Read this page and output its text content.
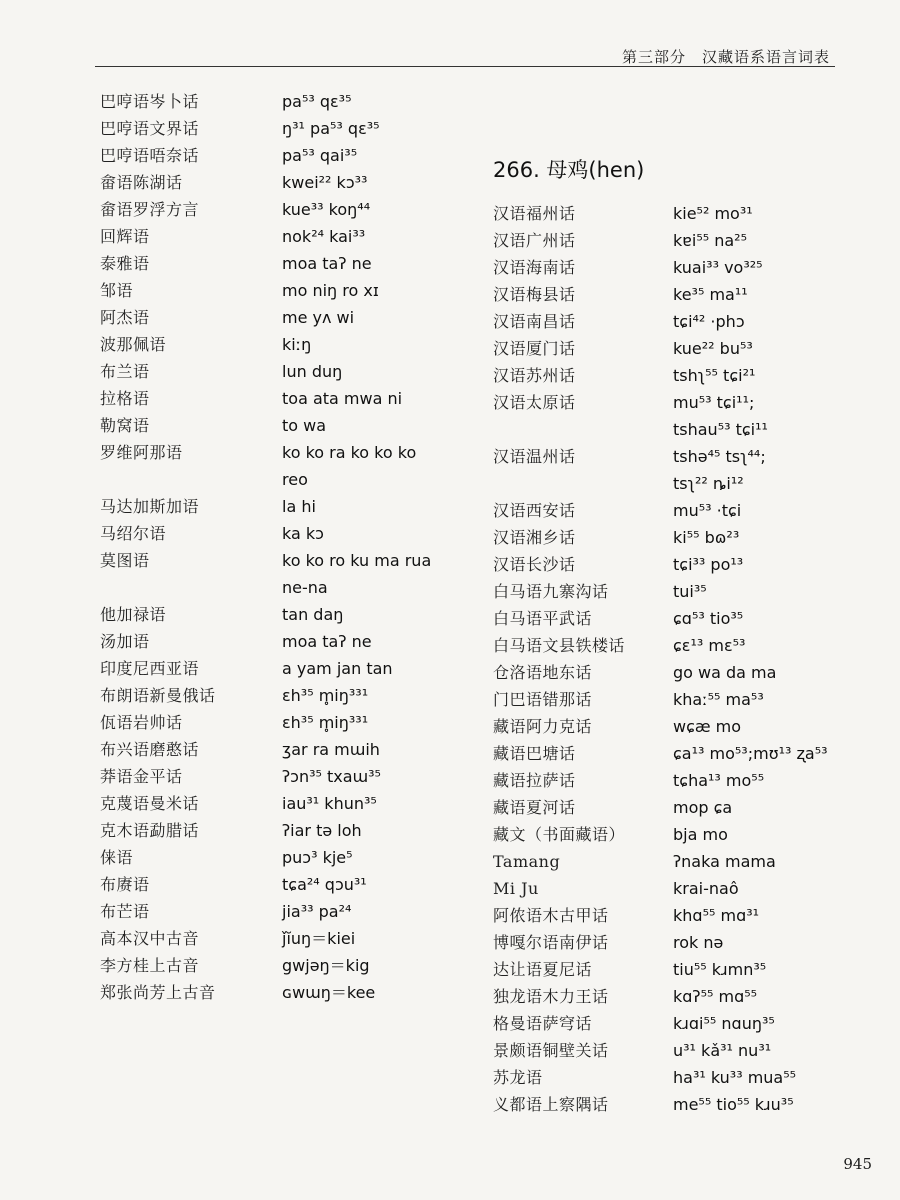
第三部分　汉藏语系语言词表
巴哼语岑卜话	pa⁵³ qɛ³⁵
巴哼语文界话	ŋ³¹ pa⁵³ qɛ³⁵
巴哼语唔奈话	pa⁵³ qai³⁵
畲语陈湖话	kwei²² kɔ³³
畲语罗浮方言	kue³³ koŋ⁴⁴
回辉语	nok²⁴ kai³³
泰雅语	moa taʔ ne
邹语	mo niŋ ro xɪ
阿杰语	me yʌ wi
波那佩语	kiːŋ
布兰语	lun duŋ
拉格语	toa ata mwa ni
勒窝语	to wa
罗维阿那语	ko ko ra ko ko ko
reo
马达加斯加语	la hi
马绍尔语	ka kɔ
莫图语	ko ko ro ku ma rua
ne-na
他加禄语	tan daŋ
汤加语	moa taʔ ne
印度尼西亚语	a yam jan tan
布朗语新曼俄话	ɛh³⁵ m̥iŋ³³¹
佤语岩帅话	ɛh³⁵ m̥iŋ³³¹
布兴语磨憨话	ʒar ra mɯih
莽语金平话	ʔɔn³⁵ txaɯ³⁵
克蔑语曼米话	iau³¹ khun³⁵
克木语勐腊话	ʔiar tə loh
俫语	puɔ³ kje⁵
布赓语	tɕa²⁴ qɔu³¹
布芒语	jia³³ pa²⁴
高本汉中古音	ȷ̌ĭuŋ＝kiei
李方桂上古音	gwjəŋ＝kig
郑张尚芳上古音	ɢwɯŋ＝kee
266. 母鸡(hen)
汉语福州话	kie⁵² mo³¹
汉语广州话	kɐi⁵⁵ na²⁵
汉语海南话	kuai³³ vo³²⁵
汉语梅县话	ke³⁵ ma¹¹
汉语南昌话	tɕi⁴² ·phɔ
汉语厦门话	kue²² bu⁵³
汉语苏州话	tshʅ⁵⁵ tɕi²¹
汉语太原话	mu⁵³ tɕi¹¹;
tshau⁵³ tɕi¹¹
汉语温州话	tshə⁴⁵ tsʅ⁴⁴;
tsʅ²² ȵi¹²
汉语西安话	mu⁵³ ·tɕi
汉语湘乡话	ki⁵⁵ bɷ²³
汉语长沙话	tɕi³³ po¹³
白马语九寨沟话	tui³⁵
白马语平武话	ɕɑ⁵³ tio³⁵
白马语文县铁楼话	ɕɛ¹³ mɛ⁵³
仓洛语地东话	go wa da ma
门巴语错那话	khaː⁵⁵ ma⁵³
藏语阿力克话	wɕæ mo
藏语巴塘话	ɕa¹³ mo⁵³;mʊ¹³ ʐa⁵³
藏语拉萨话	tɕha¹³ mo⁵⁵
藏语夏河话	mop ɕa
藏文（书面藏语）	bja mo
Tamang	ʔnaka mama
Mi Ju	krai-naô
阿侬语木古甲话	khɑ⁵⁵ mɑ³¹
博嘎尔语南伊话	rok nə
达让语夏尼话	tiu⁵⁵ kɹmn³⁵
独龙语木力王话	kɑʔ⁵⁵ mɑ⁵⁵
格曼语萨穹话	kɹɑi⁵⁵ nɑuŋ³⁵
景颇语铜壁关话	u³¹ kǎ³¹ nu³¹
苏龙语	ha³¹ ku³³ mua⁵⁵
义都语上察隅话	me⁵⁵ tio⁵⁵ kɹu³⁵
945
